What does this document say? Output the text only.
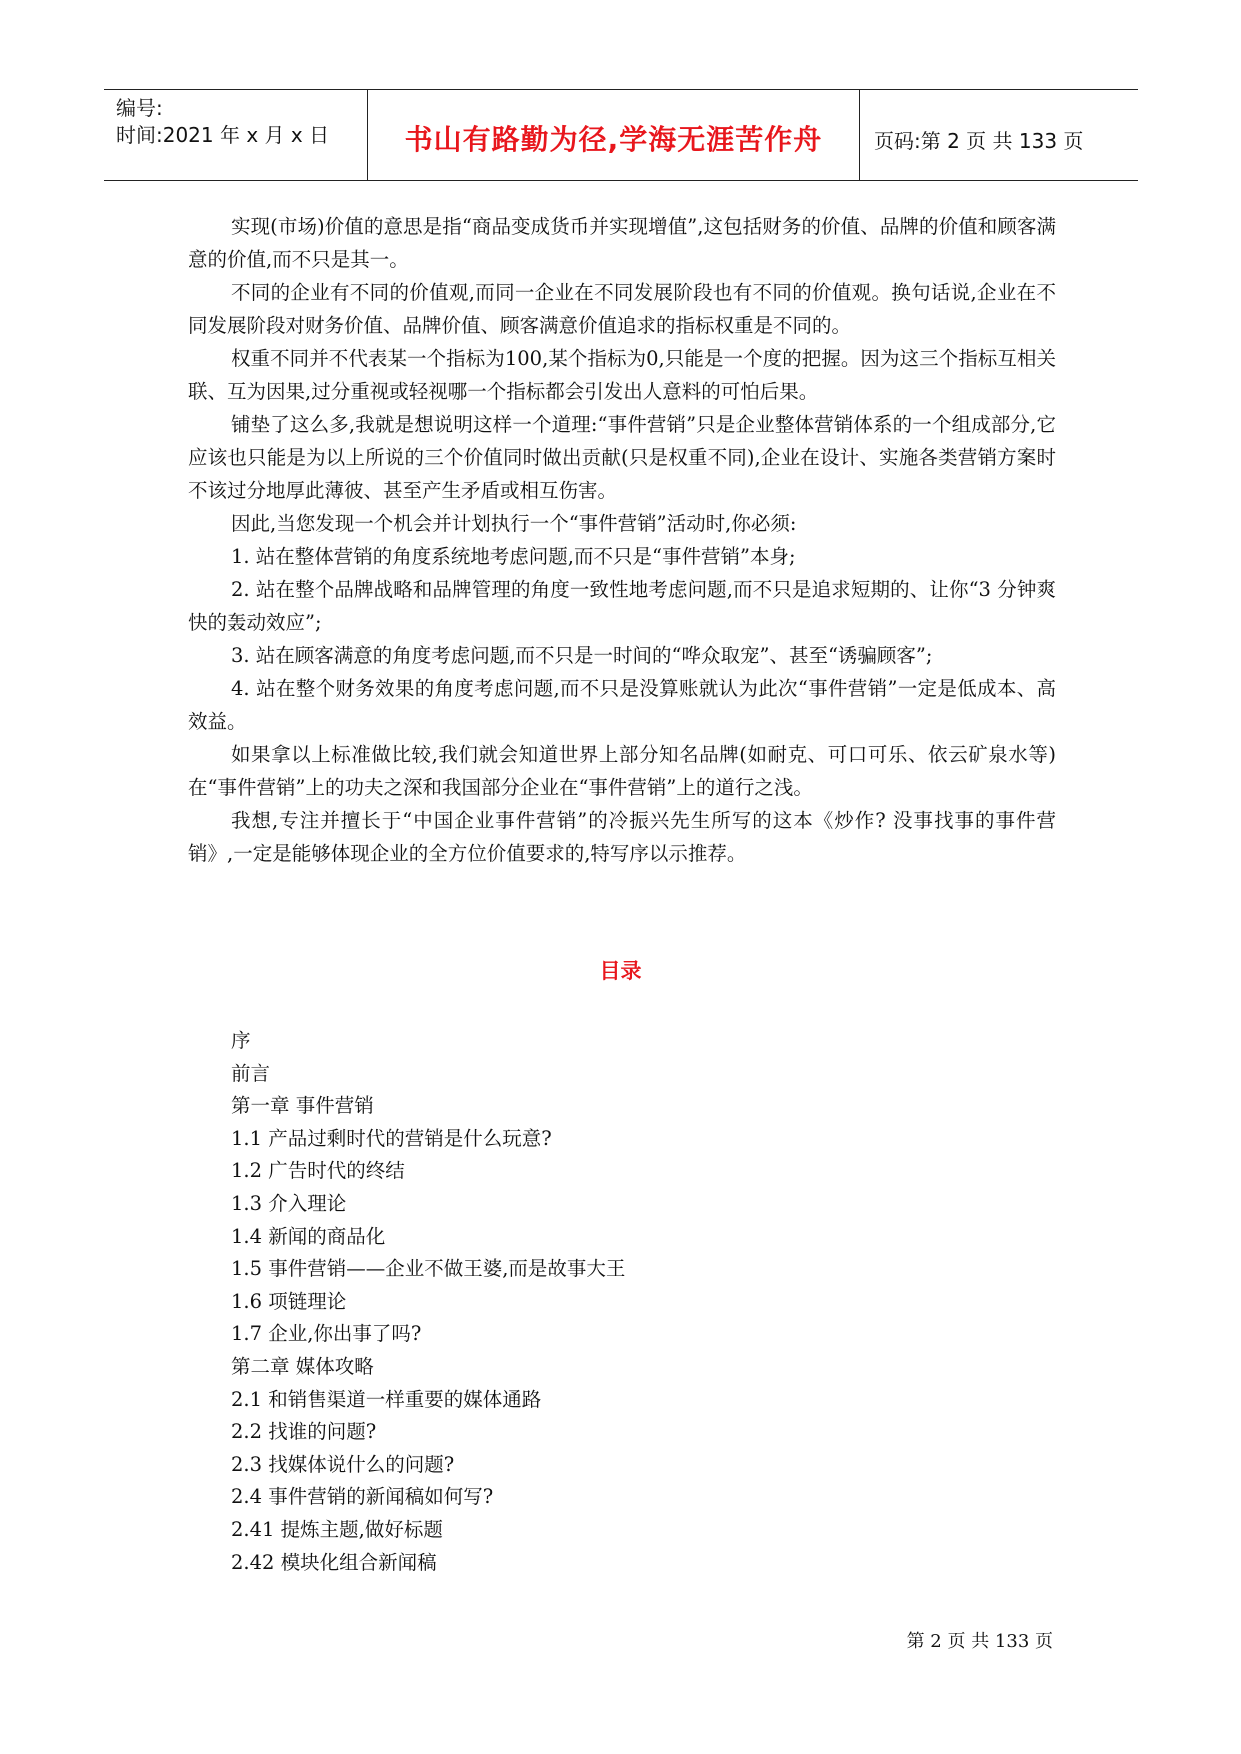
编号:
时间:2021 年 x 月 x 日	书山有路勤为径,学海无涯苦作舟	页码:第 2 页 共 133 页

实现(市场)价值的意思是指“商品变成货币并实现增值”,这包括财务的价值、品牌的价值和顾客满意的价值,而不只是其一。

不同的企业有不同的价值观,而同一企业在不同发展阶段也有不同的价值观。换句话说,企业在不同发展阶段对财务价值、品牌价值、顾客满意价值追求的指标权重是不同的。

权重不同并不代表某一个指标为100,某个指标为0,只能是一个度的把握。因为这三个指标互相关联、互为因果,过分重视或轻视哪一个指标都会引发出人意料的可怕后果。

铺垫了这么多,我就是想说明这样一个道理:“事件营销”只是企业整体营销体系的一个组成部分,它应该也只能是为以上所说的三个价值同时做出贡献(只是权重不同),企业在设计、实施各类营销方案时不该过分地厚此薄彼、甚至产生矛盾或相互伤害。

因此,当您发现一个机会并计划执行一个“事件营销”活动时,你必须:

1. 站在整体营销的角度系统地考虑问题,而不只是“事件营销”本身;

2. 站在整个品牌战略和品牌管理的角度一致性地考虑问题,而不只是追求短期的、让你“3 分钟爽快的轰动效应”;

3. 站在顾客满意的角度考虑问题,而不只是一时间的“哗众取宠”、甚至“诱骗顾客”;

4. 站在整个财务效果的角度考虑问题,而不只是没算账就认为此次“事件营销”一定是低成本、高效益。

如果拿以上标准做比较,我们就会知道世界上部分知名品牌(如耐克、可口可乐、依云矿泉水等)在“事件营销”上的功夫之深和我国部分企业在“事件营销”上的道行之浅。

我想,专注并擅长于“中国企业事件营销”的冷振兴先生所写的这本《炒作? 没事找事的事件营销》,一定是能够体现企业的全方位价值要求的,特写序以示推荐。

目录
序
前言
第一章 事件营销
1.1 产品过剩时代的营销是什么玩意?
1.2 广告时代的终结
1.3 介入理论
1.4 新闻的商品化
1.5 事件营销——企业不做王婆,而是故事大王
1.6 项链理论
1.7 企业,你出事了吗?
第二章 媒体攻略
2.1 和销售渠道一样重要的媒体通路
2.2 找谁的问题?
2.3 找媒体说什么的问题?
2.4 事件营销的新闻稿如何写?
2.41 提炼主题,做好标题
2.42 模块化组合新闻稿
第 2 页 共 133 页
